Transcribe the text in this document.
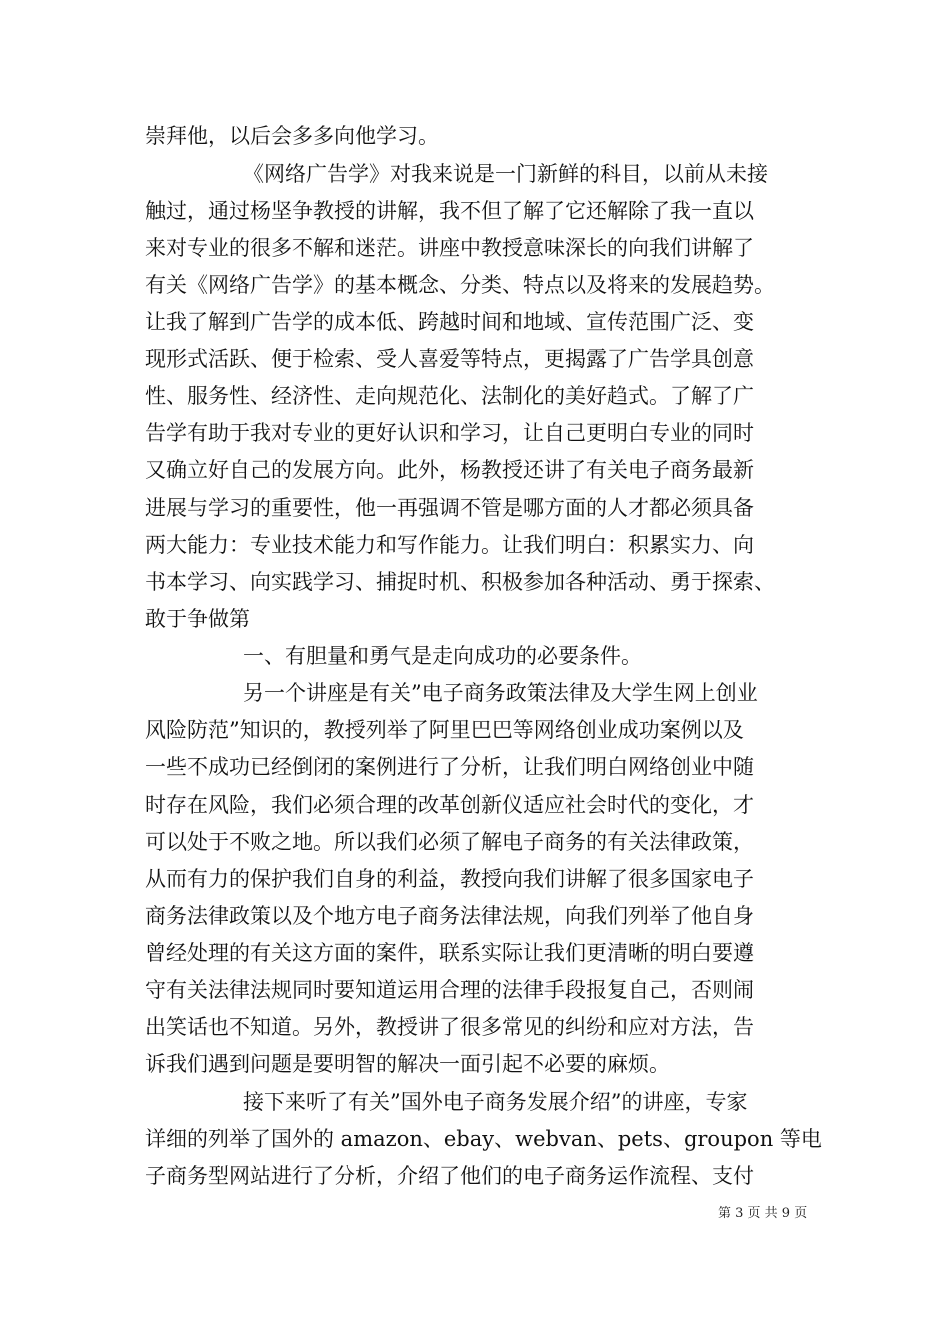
崇拜他，以后会多多向他学习。
《网络广告学》对我来说是一门新鲜的科目，以前从未接
触过，通过杨坚争教授的讲解，我不但了解了它还解除了我一直以
来对专业的很多不解和迷茫。讲座中教授意味深长的向我们讲解了
有关《网络广告学》的基本概念、分类、特点以及将来的发展趋势。
让我了解到广告学的成本低、跨越时间和地域、宣传范围广泛、变
现形式活跃、便于检索、受人喜爱等特点，更揭露了广告学具创意
性、服务性、经济性、走向规范化、法制化的美好趋式。了解了广
告学有助于我对专业的更好认识和学习，让自己更明白专业的同时
又确立好自己的发展方向。此外，杨教授还讲了有关电子商务最新
进展与学习的重要性，他一再强调不管是哪方面的人才都必须具备
两大能力：专业技术能力和写作能力。让我们明白：积累实力、向
书本学习、向实践学习、捕捉时机、积极参加各种活动、勇于探索、
敢于争做第
一、有胆量和勇气是走向成功的必要条件。
另一个讲座是有关”电子商务政策法律及大学生网上创业
风险防范”知识的，教授列举了阿里巴巴等网络创业成功案例以及
一些不成功已经倒闭的案例进行了分析，让我们明白网络创业中随
时存在风险，我们必须合理的改革创新仪适应社会时代的变化，才
可以处于不败之地。所以我们必须了解电子商务的有关法律政策，
从而有力的保护我们自身的利益，教授向我们讲解了很多国家电子
商务法律政策以及个地方电子商务法律法规，向我们列举了他自身
曾经处理的有关这方面的案件，联系实际让我们更清晰的明白要遵
守有关法律法规同时要知道运用合理的法律手段报复自己，否则闹
出笑话也不知道。另外，教授讲了很多常见的纠纷和应对方法，告
诉我们遇到问题是要明智的解决一面引起不必要的麻烦。
接下来听了有关”国外电子商务发展介绍”的讲座，专家
详细的列举了国外的 amazon、ebay、webvan、pets、groupon 等电
子商务型网站进行了分析，介绍了他们的电子商务运作流程、支付
第 3 页 共 9 页
